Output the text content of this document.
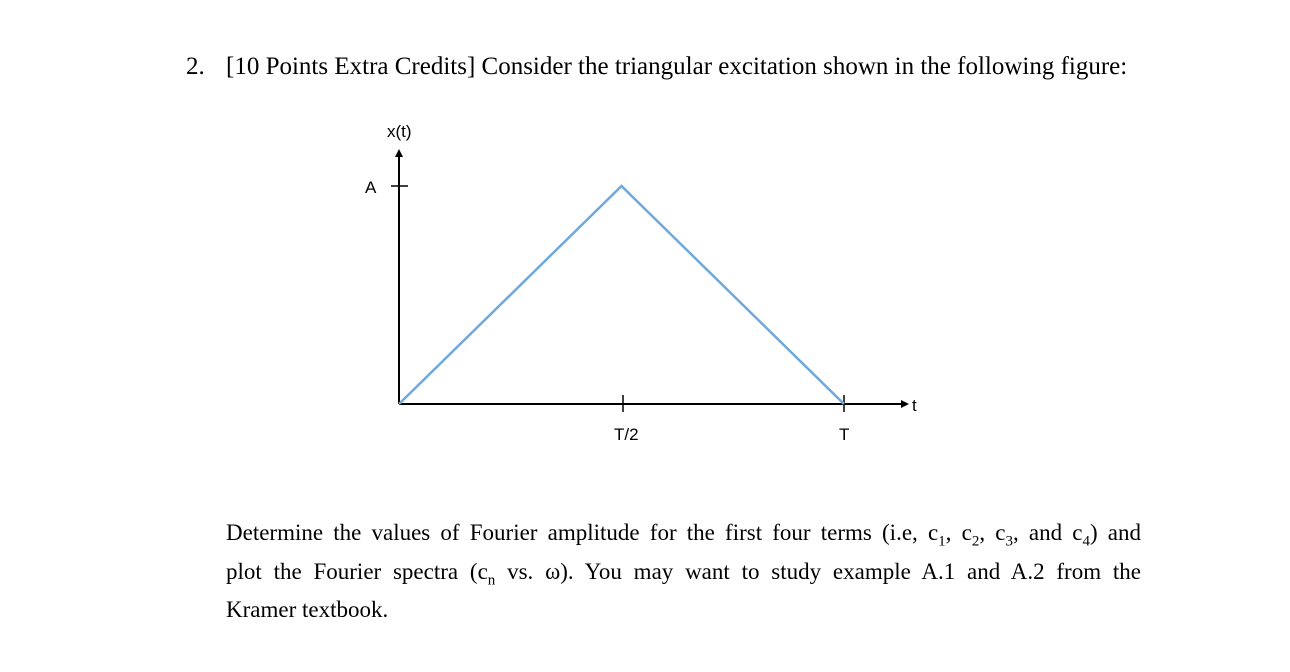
2. [10 Points Extra Credits] Consider the triangular excitation shown in the following figure:
x(t)
t
A
T/2	T
Determine the values of Fourier amplitude for the first four terms (i.e, $c_1$, $c_2$, $c_3$, and $c_4$) and
plot the Fourier spectra ($c_n$ vs. ω). You may want to study example A.1 and A.2 from the
Kramer textbook.
